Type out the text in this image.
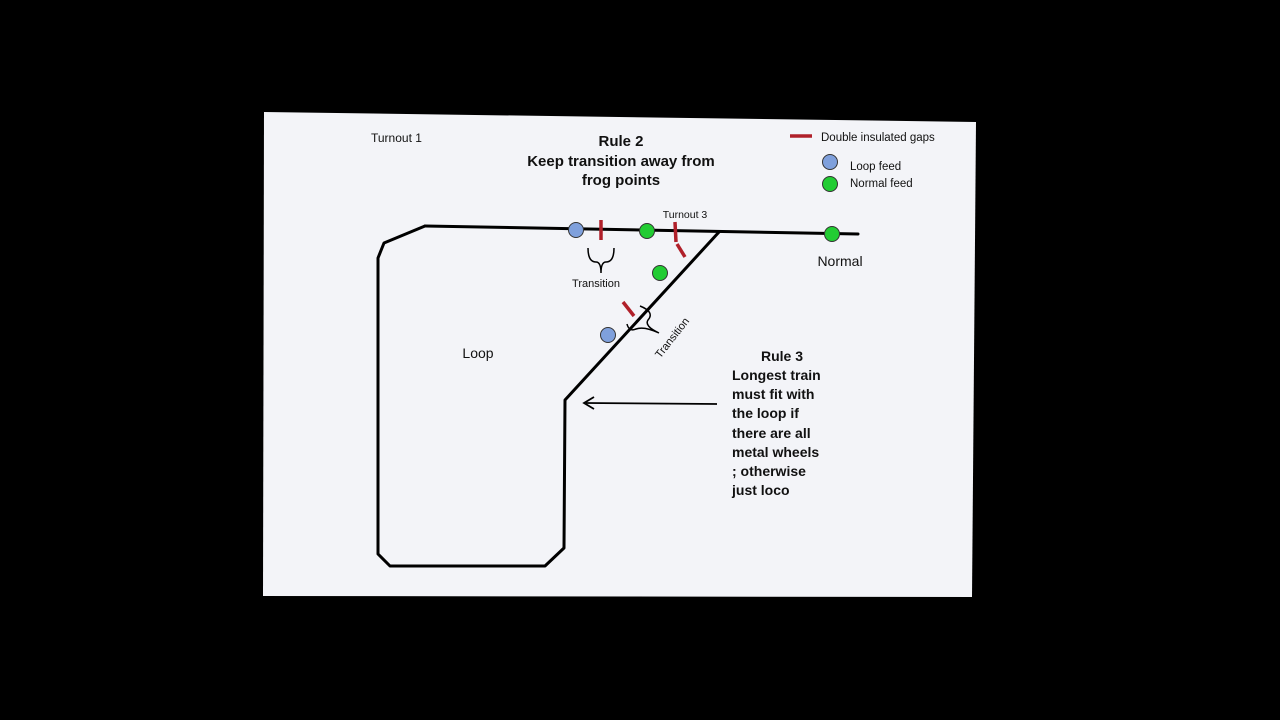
Turnout 1	Rule 2
Keep transition away from
frog points
Double insulated gaps
Loop feed
Normal feed
Turnout 3
Normal
Loop
Transition
Transition	Rule 3
Longest train
must fit with
the loop if
there are all
metal wheels
; otherwise
just loco
